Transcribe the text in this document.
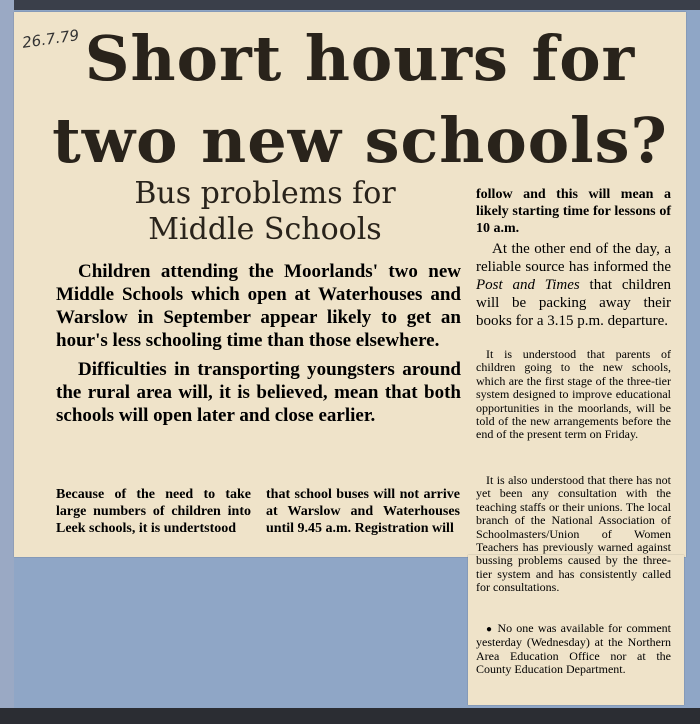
26.7.79 Short hours for
two new schools?
Bus problems for
Middle Schools

Children attending the Moorlands' two new Middle Schools which open at Waterhouses and Warslow in September appear likely to get an hour's less schooling time than those elsewhere.

Difficulties in transporting youngsters around the rural area will, it is believed, mean that both schools will open later and close earlier.

Because of the need to take large numbers of children into Leek schools, it is undertstood

that school buses will not arrive at Warslow and Waterhouses until 9.45 a.m. Registration will

follow and this will mean a likely starting time for lessons of 10 a.m.

At the other end of the day, a reliable source has informed the Post and Times that children will be packing away their books for a 3.15 p.m. departure.

It is understood that parents of children going to the new schools, which are the first stage of the three-tier system designed to improve educational opportunities in the moorlands, will be told of the new arrangements before the end of the present term on Friday.

It is also understood that there has not yet been any consultation with the teaching staffs or their unions. The local branch of the National Association of Schoolmasters/Union of Women Teachers has previously warned against bussing problems caused by the three-tier system and has consistently called for consultations.

● No one was available for comment yesterday (Wednesday) at the Northern Area Education Office nor at the County Education Department.
